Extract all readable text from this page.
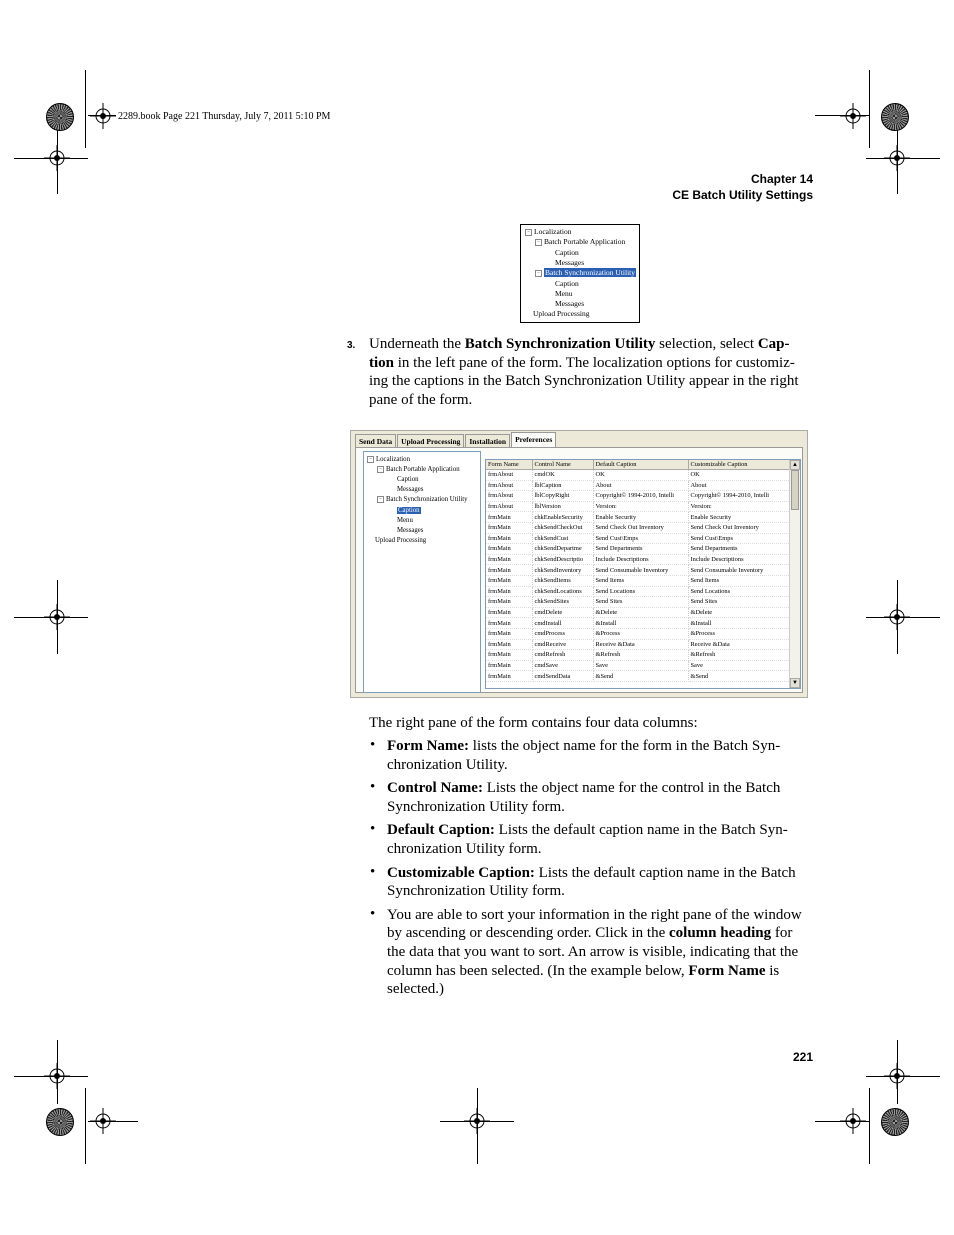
2289.book Page 221 Thursday, July 7, 2011 5:10 PM
Chapter 14
CE Batch Utility Settings
− Localization
− Batch Portable Application
Caption
Messages
− Batch Synchronization Utility
Caption
Menu
Messages
Upload Processing
3. Underneath the Batch Synchronization Utility selection, select Cap-
tion in the left pane of the form. The localization options for customiz-
ing the captions in the Batch Synchronization Utility appear in the right
pane of the form.
Send Data	Upload Processing	Installation	Preferences
− Localization
− Batch Portable Application
Caption
Messages
− Batch Synchronization Utility
Caption
Menu
Messages
Upload Processing
Form Name	Control Name	Default Caption	Customizable Caption
frmAbout	cmdOK	OK	OK
frmAbout	lblCaption	About	About
frmAbout	lblCopyRight	Copyright© 1994-2010, Intelli	Copyright© 1994-2010, Intelli
frmAbout	lblVersion	Version:	Version:
frmMain	chkEnableSecurity	Enable Security	Enable Security
frmMain	chkSendCheckOut	Send Check Out Inventory	Send Check Out Inventory
frmMain	chkSendCust	Send Cust\Emps	Send Cust\Emps
frmMain	chkSendDepartme	Send Departments	Send Departments
frmMain	chkSendDescriptio	Include Descriptions	Include Descriptions
frmMain	chkSendInventory	Send Consumable Inventory	Send Consumable Inventory
frmMain	chkSendItems	Send Items	Send Items
frmMain	chkSendLocations	Send Locations	Send Locations
frmMain	chkSendSites	Send Sites	Send Sites
frmMain	cmdDelete	&Delete	&Delete
frmMain	cmdInstall	&Install	&Install
frmMain	cmdProcess	&Process	&Process
frmMain	cmdReceive	Receive &Data	Receive &Data
frmMain	cmdRefresh	&Refresh	&Refresh
frmMain	cmdSave	Save	Save
frmMain	cmdSendData	&Send	&Send
▲
▼
The right pane of the form contains four data columns:
• Form Name: lists the object name for the form in the Batch Syn-
chronization Utility.
• Control Name: Lists the object name for the control in the Batch
Synchronization Utility form.
• Default Caption: Lists the default caption name in the Batch Syn-
chronization Utility form.
• Customizable Caption: Lists the default caption name in the Batch
Synchronization Utility form.
• You are able to sort your information in the right pane of the window
by ascending or descending order. Click in the column heading for
the data that you want to sort. An arrow is visible, indicating that the
column has been selected. (In the example below, Form Name is
selected.)
221
